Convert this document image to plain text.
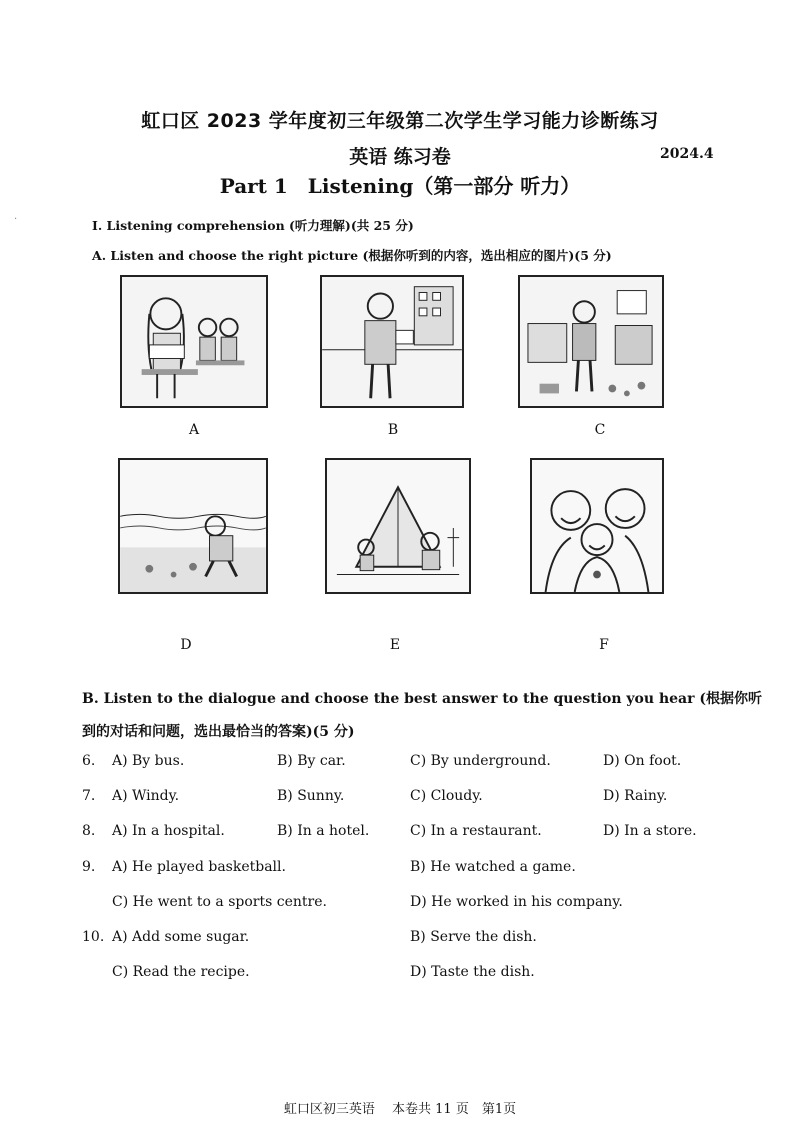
·
虹口区 2023 学年度初三年级第二次学生学习能力诊断练习
英语 练习卷	2024.4
Part 1　Listening（第一部分 听力）
I. Listening comprehension (听力理解)(共 25 分)
A. Listen and choose the right picture (根据你听到的内容，选出相应的图片)(5 分)
A	B	C
D	E	F
B. Listen to the dialogue and choose the best answer to the question you hear (根据你听到的对话和问题，选出最恰当的答案)(5 分)
6. A) By bus.	B) By car.	C) By underground.	D) On foot.
7. A) Windy.	B) Sunny.	C) Cloudy.	D) Rainy.
8. A) In a hospital.	B) In a hotel.	C) In a restaurant.	D) In a store.
9. A) He played basketball.	B) He watched a game.
C) He went to a sports centre.	D) He worked in his company.
10. A) Add some sugar.	B) Serve the dish.
C) Read the recipe.	D) Taste the dish.
虹口区初三英语　 本卷共 11 页　第1页
